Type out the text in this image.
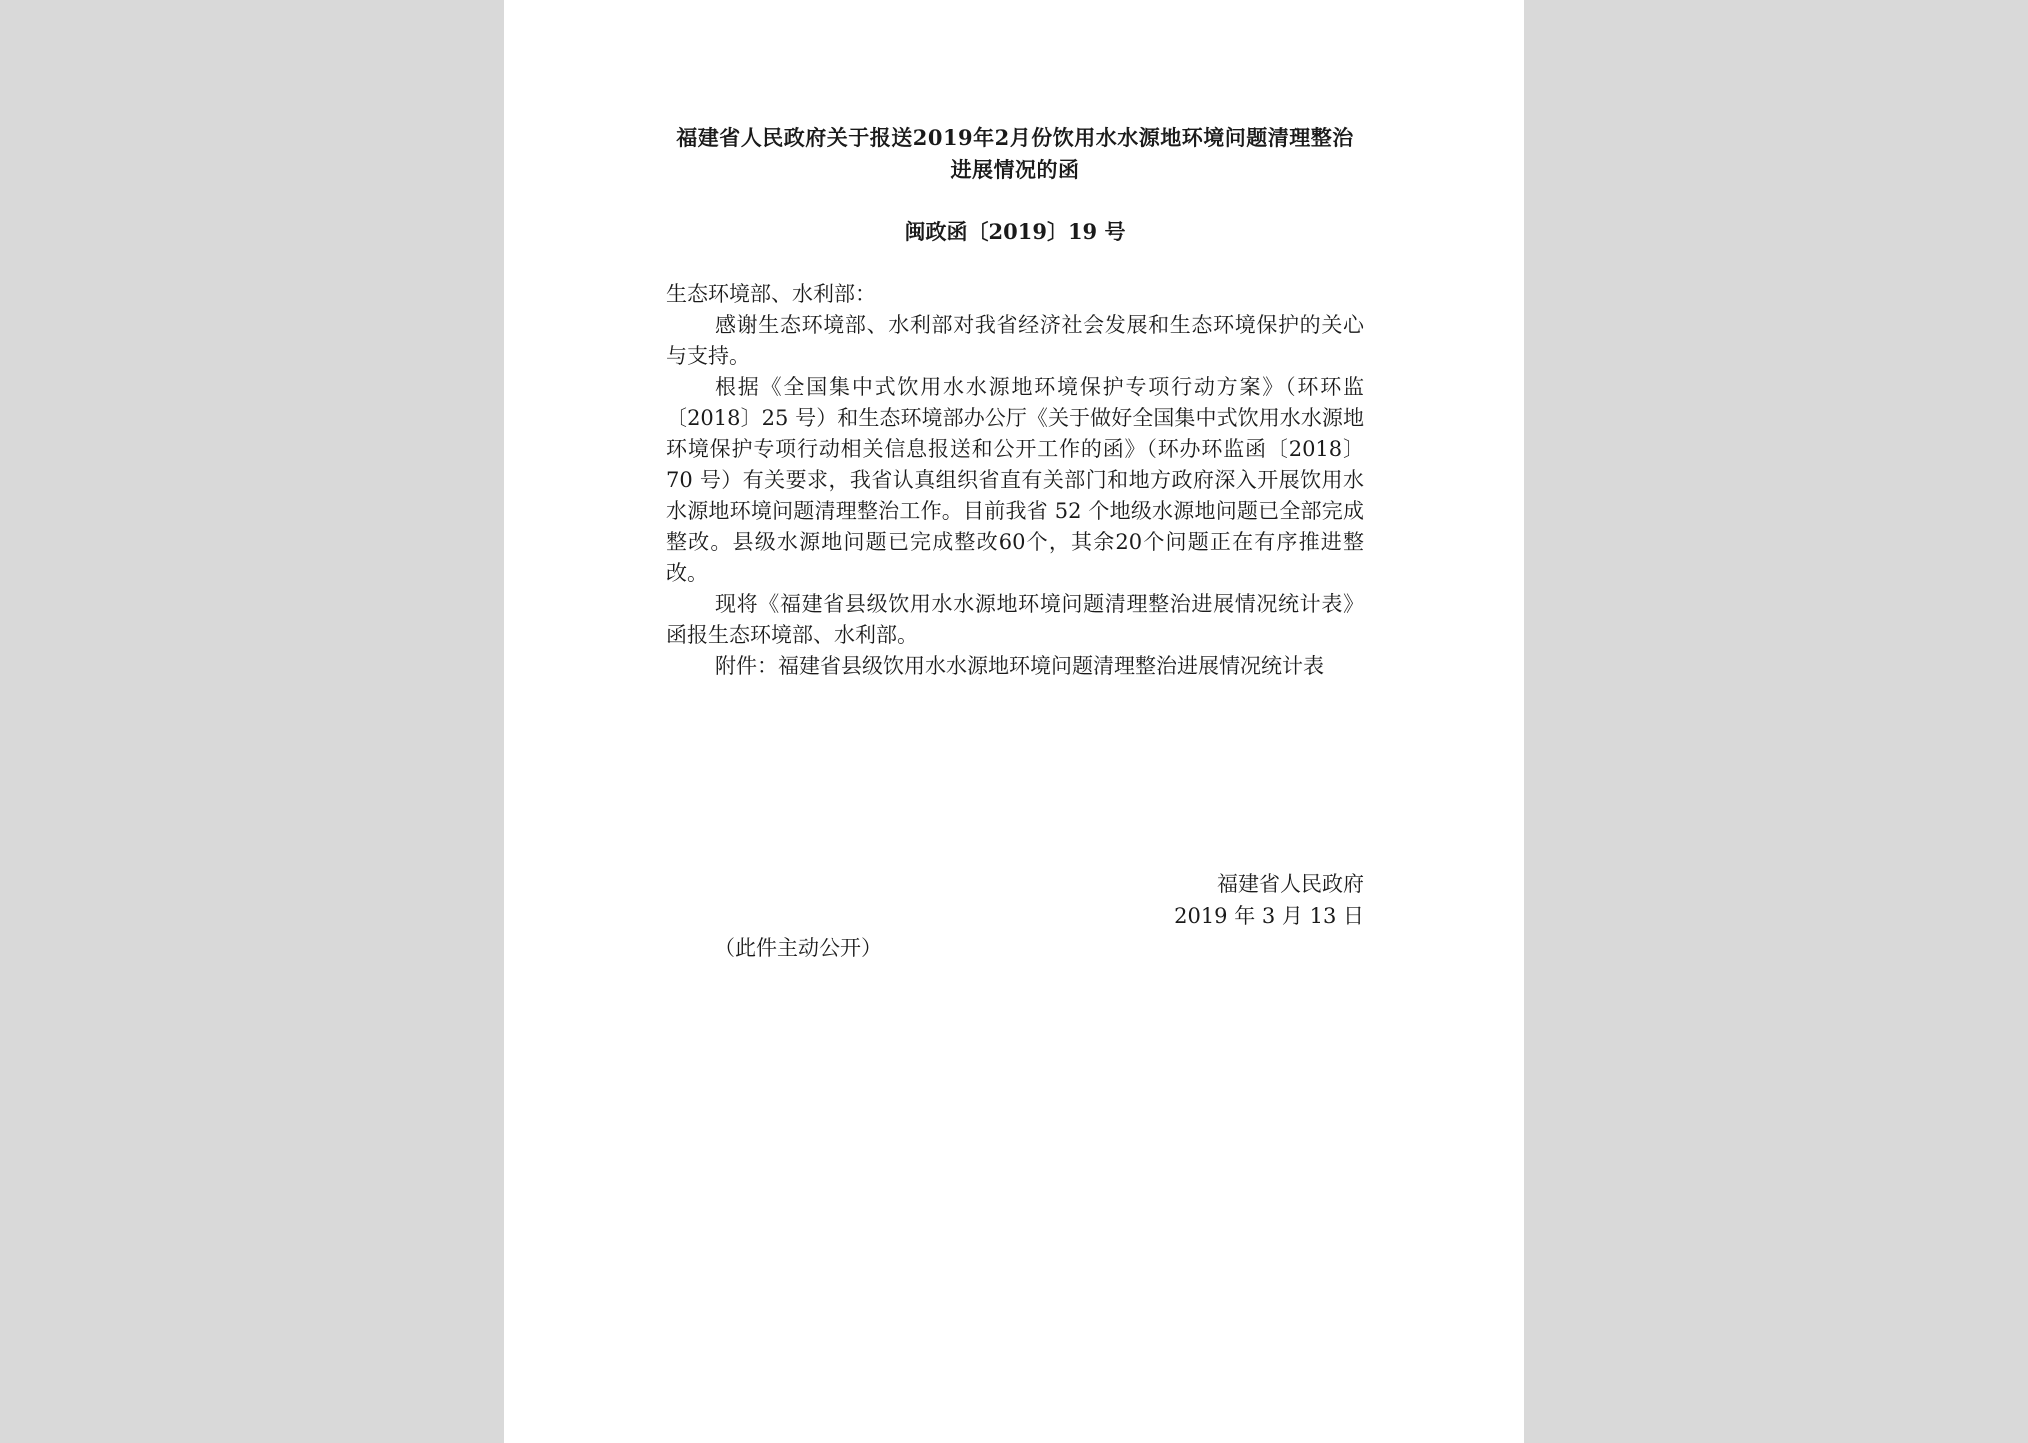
福建省人民政府关于报送2019年2月份饮用水水源地环境问题清理整治进展情况的函
闽政函〔2019〕19 号

生态环境部、水利部：

感谢生态环境部、水利部对我省经济社会发展和生态环境保护的关心与支持。

根据《全国集中式饮用水水源地环境保护专项行动方案》（环环监〔2018〕25 号）和生态环境部办公厅《关于做好全国集中式饮用水水源地环境保护专项行动相关信息报送和公开工作的函》（环办环监函〔2018〕70 号）有关要求，我省认真组织省直有关部门和地方政府深入开展饮用水水源地环境问题清理整治工作。目前我省 52 个地级水源地问题已全部完成整改。县级水源地问题已完成整改60个，其余20个问题正在有序推进整改。

现将《福建省县级饮用水水源地环境问题清理整治进展情况统计表》函报生态环境部、水利部。

附件：福建省县级饮用水水源地环境问题清理整治进展情况统计表

福建省人民政府
2019 年 3 月 13 日
（此件主动公开）
